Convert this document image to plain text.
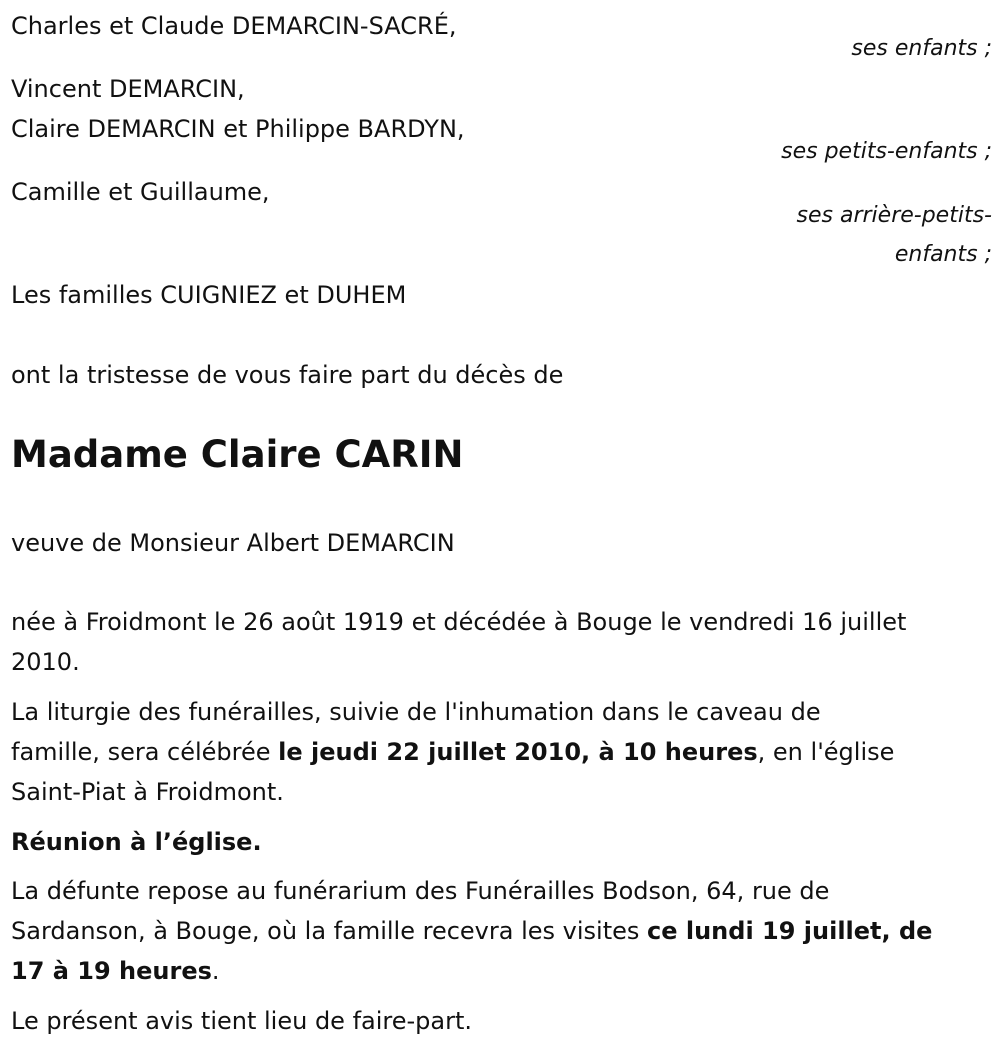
Charles et Claude DEMARCIN-SACRÉ,
ses enfants ;
Vincent DEMARCIN,
Claire DEMARCIN et Philippe BARDYN,
ses petits-enfants ;
Camille et Guillaume,
ses arrière-petits-
enfants ;
Les familles CUIGNIEZ et DUHEM
ont la tristesse de vous faire part du décès de
Madame Claire CARIN
veuve de Monsieur Albert DEMARCIN
née à Froidmont le 26 août 1919 et décédée à Bouge le vendredi 16 juillet
2010.
La liturgie des funérailles, suivie de l'inhumation dans le caveau de
famille, sera célébrée le jeudi 22 juillet 2010, à 10 heures, en l'église
Saint-Piat à Froidmont.
Réunion à l’église.
La défunte repose au funérarium des Funérailles Bodson, 64, rue de
Sardanson, à Bouge, où la famille recevra les visites ce lundi 19 juillet, de
17 à 19 heures.
Le présent avis tient lieu de faire-part.
